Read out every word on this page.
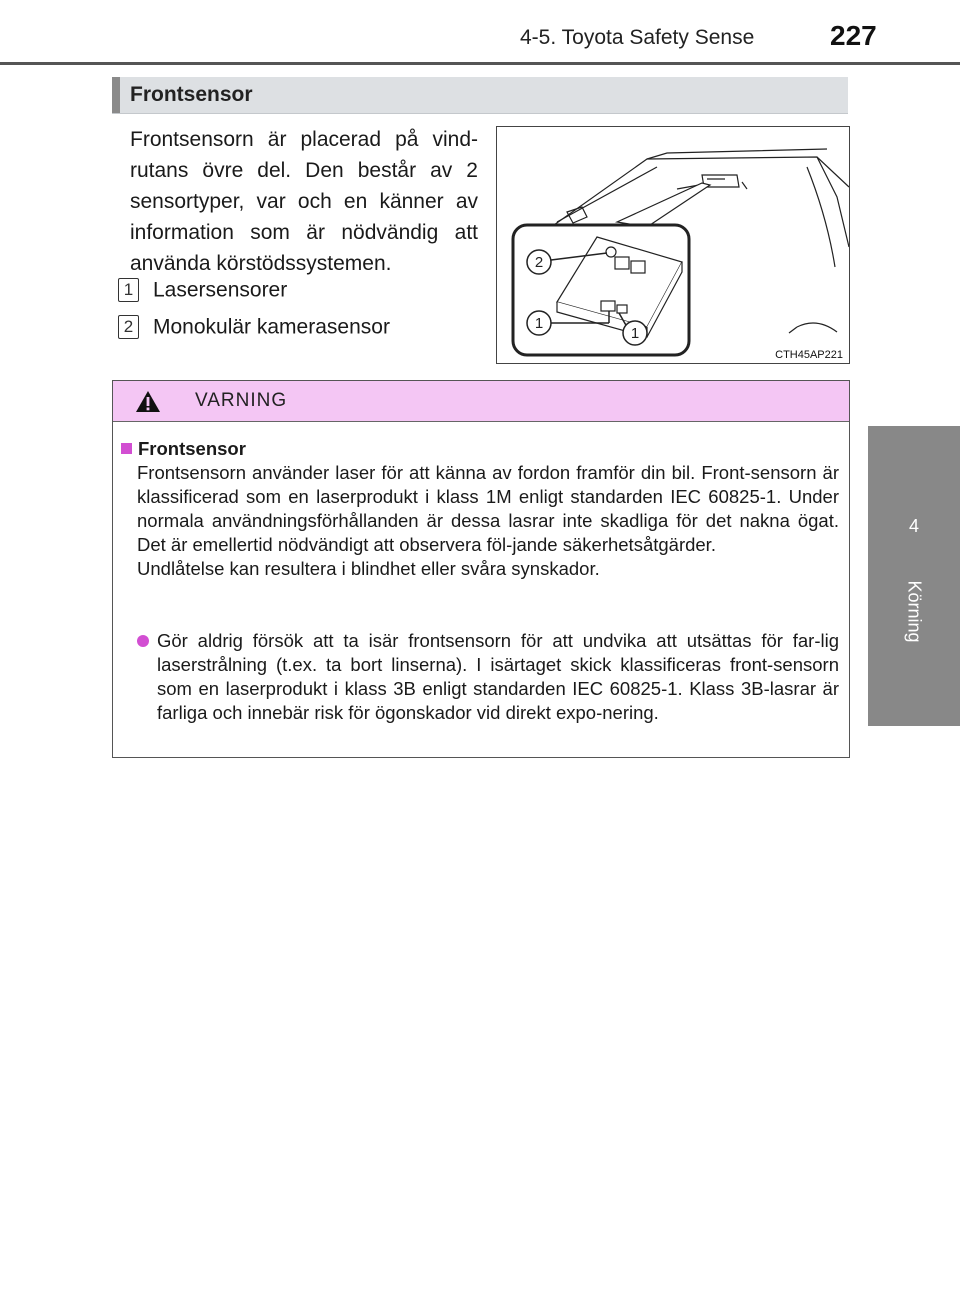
4-5. Toyota Safety Sense	227
4
Körning
Frontsensor
Frontsensorn är placerad på vind-rutans övre del. Den består av 2 sensortyper, var och en känner av information som är nödvändig att använda körstödssystemen.
1 Lasersensorer
2 Monokulär kamerasensor
2
1
1
CTH45AP221
VARNING
Frontsensor
Frontsensorn använder laser för att känna av fordon framför din bil. Front-sensorn är klassificerad som en laserprodukt i klass 1M enligt standarden IEC 60825-1. Under normala användningsförhållanden är dessa lasrar inte skadliga för det nakna ögat. Det är emellertid nödvändigt att observera föl-jande säkerhetsåtgärder.
Undlåtelse kan resultera i blindhet eller svåra synskador.
Gör aldrig försök att ta isär frontsensorn för att undvika att utsättas för far-lig laserstrålning (t.ex. ta bort linserna). I isärtaget skick klassificeras front-sensorn som en laserprodukt i klass 3B enligt standarden IEC 60825-1. Klass 3B-lasrar är farliga och innebär risk för ögonskador vid direkt expo-nering.
